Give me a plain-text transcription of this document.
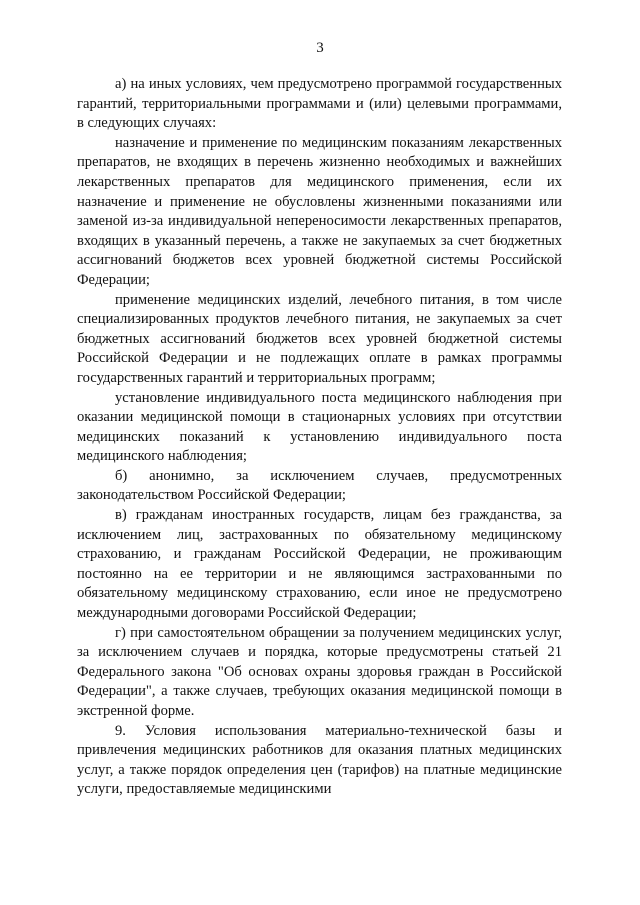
3

а) на иных условиях, чем предусмотрено программой государственных гарантий, территориальными программами и (или) целевыми программами, в следующих случаях:

назначение и применение по медицинским показаниям лекарственных препаратов, не входящих в перечень жизненно необходимых и важнейших лекарственных препаратов для медицинского применения, если их назначение и применение не обусловлены жизненными показаниями или заменой из-за индивидуальной непереносимости лекарственных препаратов, входящих в указанный перечень, а также не закупаемых за счет бюджетных ассигнований бюджетов всех уровней бюджетной системы Российской Федерации;

применение медицинских изделий, лечебного питания, в том числе специализированных продуктов лечебного питания, не закупаемых за счет бюджетных ассигнований бюджетов всех уровней бюджетной системы Российской Федерации и не подлежащих оплате в рамках программы государственных гарантий и территориальных программ;

установление индивидуального поста медицинского наблюдения при оказании медицинской помощи в стационарных условиях при отсутствии медицинских показаний к установлению индивидуального поста медицинского наблюдения;

б) анонимно, за исключением случаев, предусмотренных законодательством Российской Федерации;

в) гражданам иностранных государств, лицам без гражданства, за исключением лиц, застрахованных по обязательному медицинскому страхованию, и гражданам Российской Федерации, не проживающим постоянно на ее территории и не являющимся застрахованными по обязательному медицинскому страхованию, если иное не предусмотрено международными договорами Российской Федерации;

г) при самостоятельном обращении за получением медицинских услуг, за исключением случаев и порядка, которые предусмотрены статьей 21 Федерального закона "Об основах охраны здоровья граждан в Российской Федерации", а также случаев, требующих оказания медицинской помощи в экстренной форме.

9. Условия использования материально-технической базы и привлечения медицинских работников для оказания платных медицинских услуг, а также порядок определения цен (тарифов) на платные медицинские услуги, предоставляемые медицинскими
